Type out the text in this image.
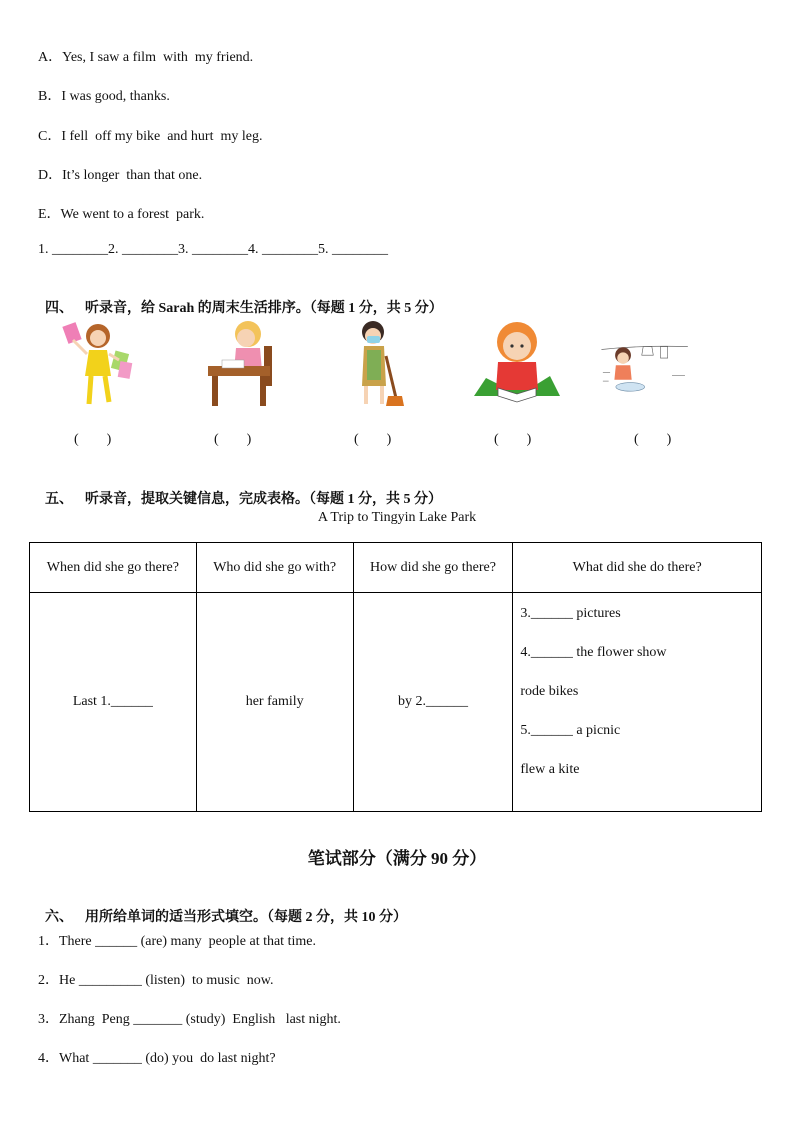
A．Yes, I saw a film  with  my friend.
B．I was good, thanks.
C．I fell  off my bike  and hurt  my leg.
D．It’s longer  than that one.
E．We went to a forest  park.
1. ________2. ________3. ________4. ________5. ________

四、 听录音，给 Sarah 的周末生活排序。（每题 1 分，共 5 分）

(        )	(        )	(        )	(        )	(        )

五、 听录音，提取关键信息，完成表格。（每题 1 分，共 5 分）

A Trip to Tingyin Lake Park
When did she go there?	Who did she go with?	How did she go there?	What did she do there?
Last 1.______	her family	by 2.______	3.______ pictures
4.______ the flower show
rode bikes
5.______ a picnic
flew a kite
笔试部分（满分 90 分）

六、 用所给单词的适当形式填空。（每题 2 分，共 10 分）

1．There ______ (are) many  people at that time.
2．He _________ (listen)  to music  now.
3．Zhang  Peng _______ (study)  English   last night.
4．What _______ (do) you  do last night?
